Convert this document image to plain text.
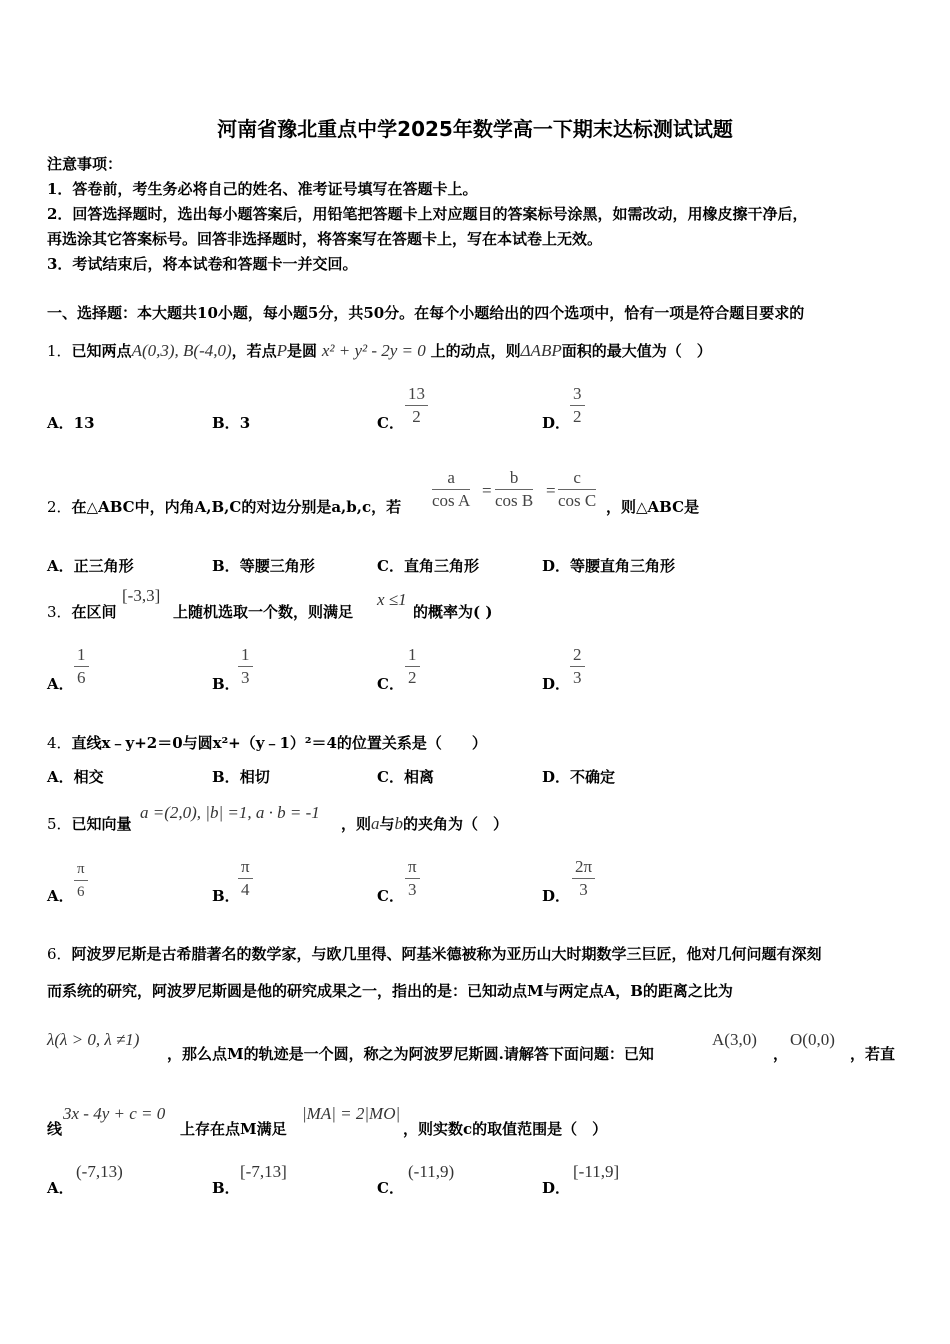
河南省豫北重点中学2025年数学高一下期末达标测试试题
注意事项：
1．答卷前，考生务必将自己的姓名、准考证号填写在答题卡上。
2．回答选择题时，选出每小题答案后，用铅笔把答题卡上对应题目的答案标号涂黑，如需改动，用橡皮擦干净后，
再选涂其它答案标号。回答非选择题时，将答案写在答题卡上，写在本试卷上无效。
3．考试结束后，将本试卷和答题卡一并交回。
一、选择题：本大题共10小题，每小题5分，共50分。在每个小题给出的四个选项中，恰有一项是符合题目要求的
1．已知两点A(0,3), B(-4,0)，若点P是圆 x² + y² - 2y = 0 上的动点，则ΔABP面积的最大值为（　）
A．13	B．3	C． $\frac{13}{2}$	D． $\frac{3}{2}$
2．在△ABC中，内角A,B,C的对边分别是a,b,c，若 $\frac{a}{\text{cos A}} = \frac{b}{\text{cos B}} = \frac{c}{\text{cos C}}$ ，则△ABC是
A．正三角形	B．等腰三角形	C．直角三角形	D．等腰直角三角形
3．在区间
[-3,3]
上随机选取一个数，则满足
x ≤1
的概率为( )
A． $\frac{1}{6}$	B．
$\frac{1}{3}$	C． $\frac{1}{2}$	D． $\frac{2}{3}$
4．直线x﹣y+2＝0与圆x²+（y﹣1）²＝4的位置关系是（　　）
A．相交	B．相切	C．相离	D．不确定
5．已知向量
a =(2,0), |b| =1, a · b = -1
，则a与b的夹角为（　）
A． $\frac{\pi}{6}$	B．
$\frac{\pi}{4}$	C． $\frac{\pi}{3}$	D． $\frac{2\pi}{3}$
6．阿波罗尼斯是古希腊著名的数学家，与欧几里得、阿基米德被称为亚历山大时期数学三巨匠，他对几何问题有深刻
而系统的研究，阿波罗尼斯圆是他的研究成果之一，指出的是：已知动点M与两定点A，B的距离之比为
λ(λ > 0, λ ≠1)
，那么点M的轨迹是一个圆，称之为阿波罗尼斯圆.请解答下面问题：已知
A(3,0)
，
O(0,0)
，若直
线
3x - 4y + c = 0
上存在点M满足
|MA| = 2|MO|
，则实数c的取值范围是（　）
A．
(-7,13)
B．
[-7,13]
C．
(-11,9)
D．
[-11,9]
